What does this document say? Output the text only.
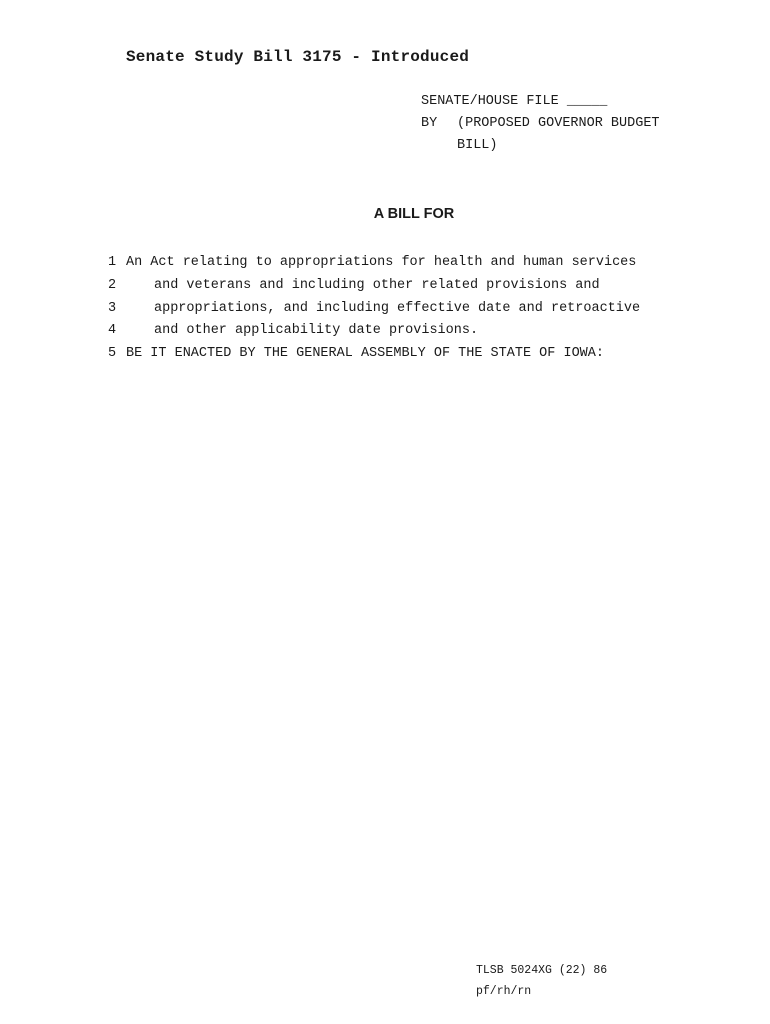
Senate Study Bill 3175 - Introduced
SENATE/HOUSE FILE _____
BY	(PROPOSED GOVERNOR BUDGET
BILL)
A BILL FOR
1 An Act relating to appropriations for health and human services
2	and veterans and including other related provisions and
3	appropriations, and including effective date and retroactive
4	and other applicability date provisions.
5 BE IT ENACTED BY THE GENERAL ASSEMBLY OF THE STATE OF IOWA:
TLSB 5024XG (22) 86
pf/rh/rn
